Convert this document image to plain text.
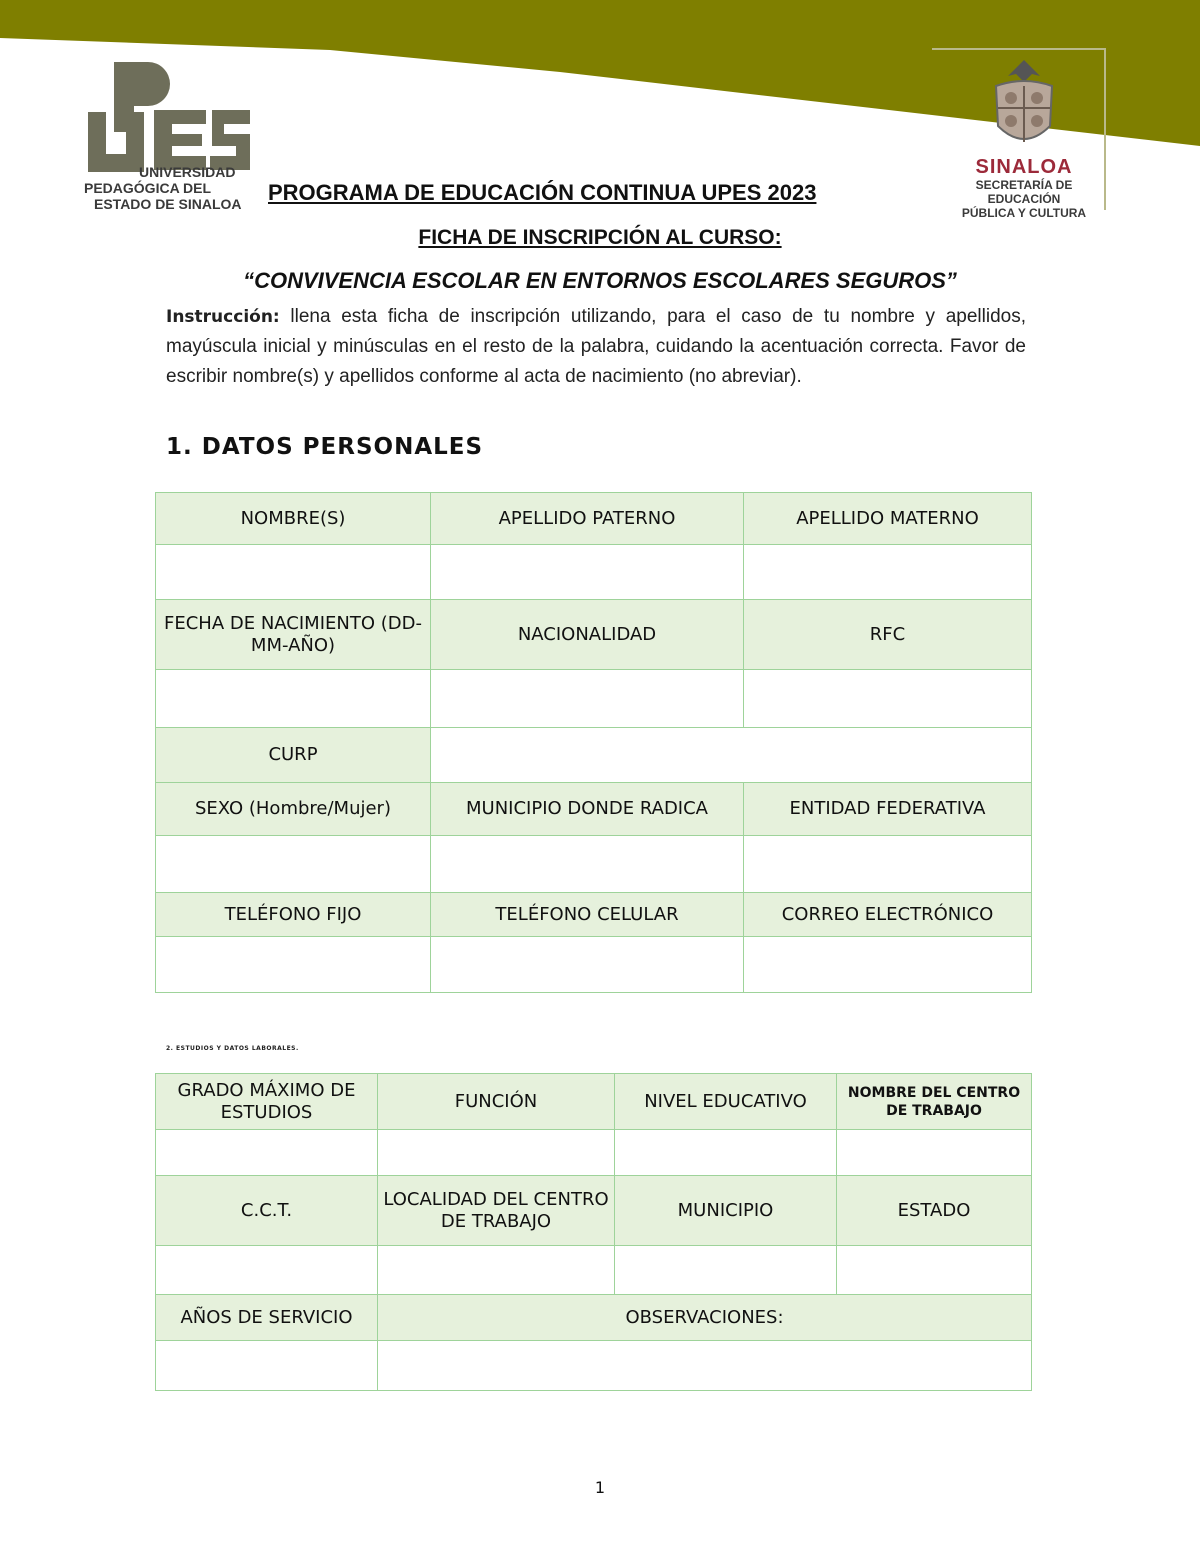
UNIVERSIDAD
PEDAGÓGICA DEL
ESTADO DE SINALOA
SINALOA
SECRETARÍA DE
EDUCACIÓN
PÚBLICA Y CULTURA
PROGRAMA DE EDUCACIÓN CONTINUA UPES 2023
FICHA DE INSCRIPCIÓN AL CURSO:
“CONVIVENCIA ESCOLAR EN ENTORNOS ESCOLARES SEGUROS”
Instrucción: llena esta ficha de inscripción utilizando, para el caso de tu nombre y apellidos, mayúscula inicial y minúsculas en el resto de la palabra, cuidando la acentuación correcta. Favor de escribir nombre(s) y apellidos conforme al acta de nacimiento (no abreviar).
1. DATOS PERSONALES
NOMBRE(S)	APELLIDO PATERNO	APELLIDO MATERNO

FECHA DE NACIMIENTO (DD-MM-AÑO)	NACIONALIDAD	RFC

CURP		
SEXO (Hombre/Mujer)	MUNICIPIO DONDE RADICA	ENTIDAD FEDERATIVA

TELÉFONO FIJO	TELÉFONO CELULAR	CORREO ELECTRÓNICO

2. ESTUDIOS Y DATOS LABORALES.
GRADO MÁXIMO DE ESTUDIOS	FUNCIÓN	NIVEL EDUCATIVO	NOMBRE DEL CENTRO DE TRABAJO

C.C.T.	LOCALIDAD DEL CENTRO DE TRABAJO	MUNICIPIO	ESTADO

AÑOS DE SERVICIO	OBSERVACIONES:		

1
